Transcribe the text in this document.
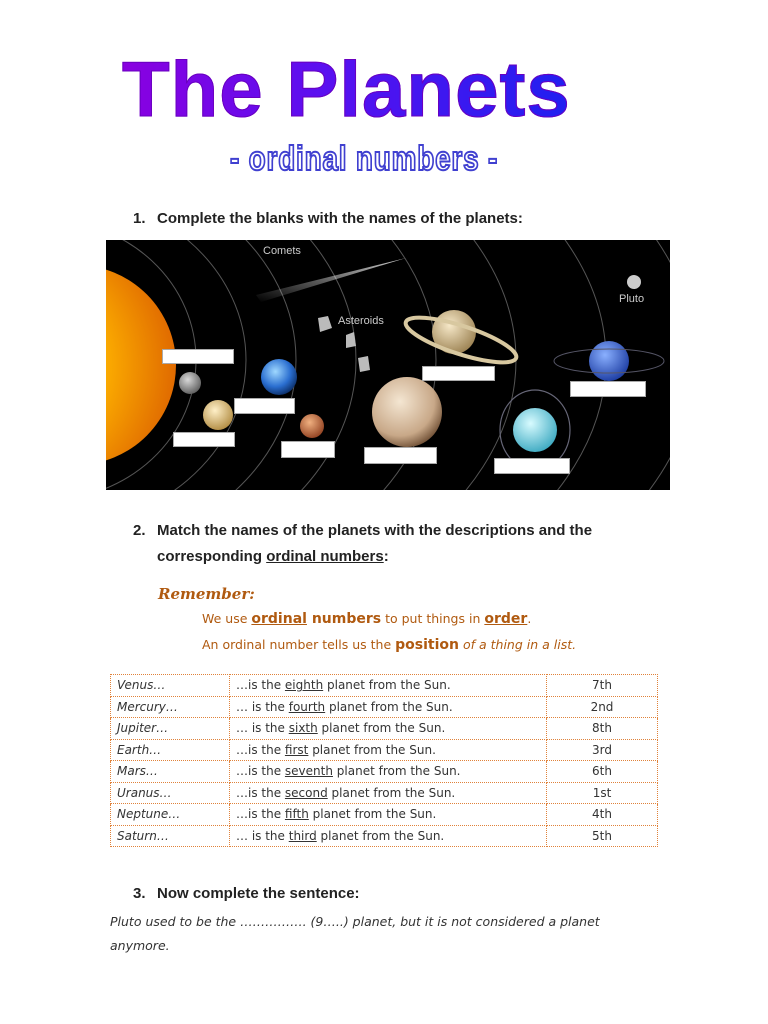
The Planets
- ordinal numbers -
1. Complete the blanks with the names of the planets:
Comets
Asteroids
Pluto
2. Match the names of the planets with the descriptions and the
corresponding ordinal numbers:
Remember:
We use ordinal numbers to put things in order.
An ordinal number tells us the position of a thing in a list.
Venus…	…is the eighth planet from the Sun.	7th
Mercury…	… is the fourth planet from the Sun.	2nd
Jupiter…	… is the sixth planet from the Sun.	8th
Earth…	…is the first planet from the Sun.	3rd
Mars…	…is the seventh planet from the Sun.	6th
Uranus…	…is the second planet from the Sun.	1st
Neptune…	…is the fifth planet from the Sun.	4th
Saturn…	… is the third planet from the Sun.	5th
3. Now complete the sentence:
Pluto used to be the ……………. (9…..) planet, but it is not considered a planet
anymore.
